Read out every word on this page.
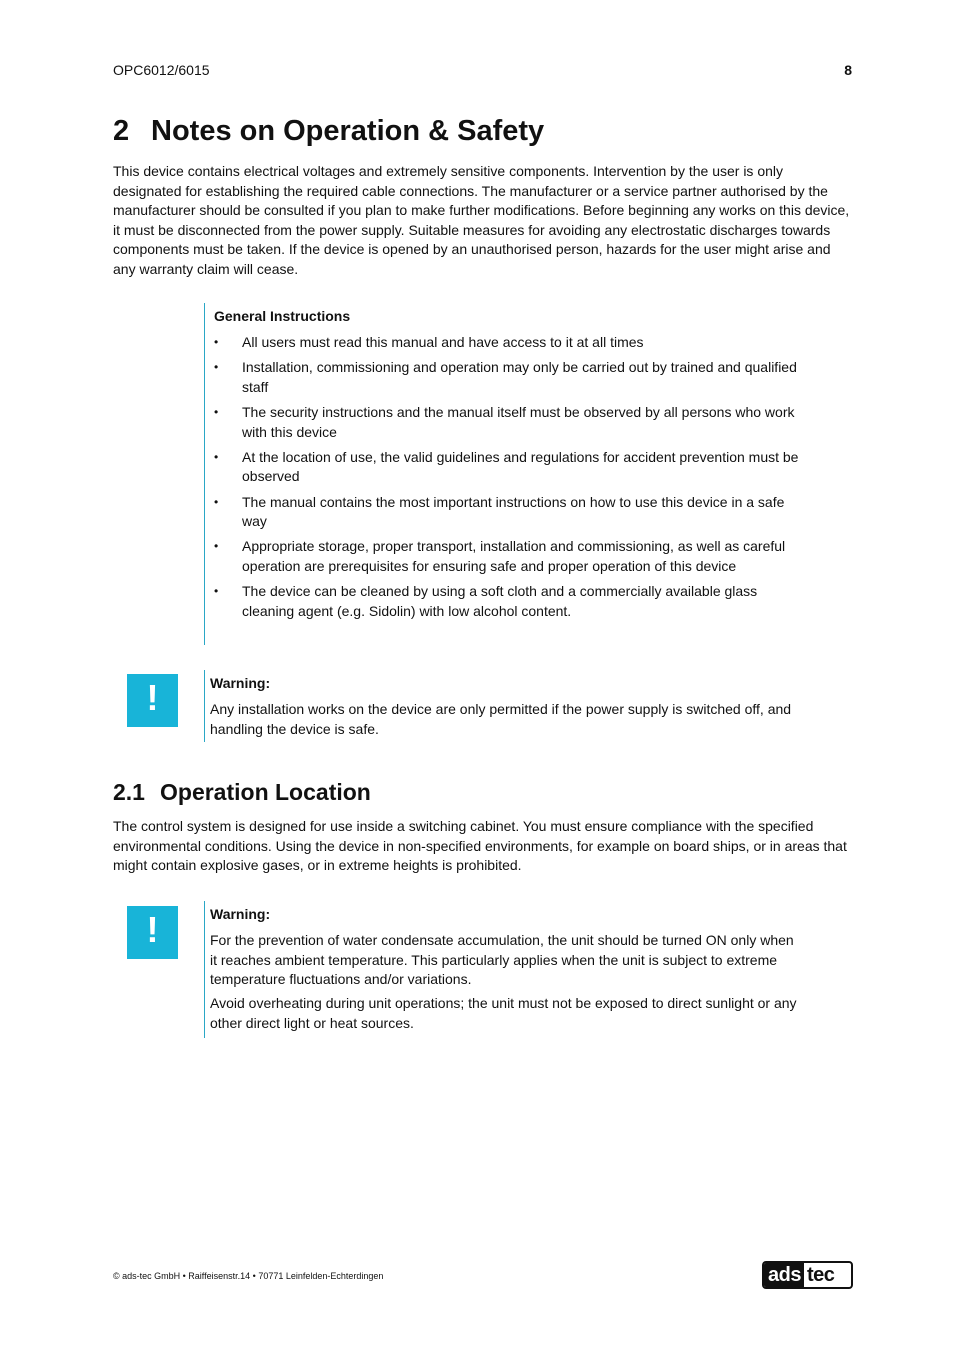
OPC6012/6015	8
2 Notes on Operation & Safety

This device contains electrical voltages and extremely sensitive components. Intervention by the user is only designated for establishing the required cable connections. The manufacturer or a service partner authorised by the manufacturer should be consulted if you plan to make further modifications. Before beginning any works on this device, it must be disconnected from the power supply. Suitable measures for avoiding any electrostatic discharges towards components must be taken. If the device is opened by an unauthorised person, hazards for the user might arise and any warranty claim will cease.

General Instructions
• All users must read this manual and have access to it at all times
• Installation, commissioning and operation may only be carried out by trained and qualified staff
• The security instructions and the manual itself must be observed by all persons who work with this device
• At the location of use, the valid guidelines and regulations for accident prevention must be observed
• The manual contains the most important instructions on how to use this device in a safe way
• Appropriate storage, proper transport, installation and commissioning, as well as careful operation are prerequisites for ensuring safe and proper operation of this device
• The device can be cleaned by using a soft cloth and a commercially available glass cleaning agent (e.g. Sidolin) with low alcohol content.
!	Warning:

Any installation works on the device are only permitted if the power supply is switched off, and handling the device is safe.

2.1 Operation Location

The control system is designed for use inside a switching cabinet. You must ensure compliance with the specified environmental conditions. Using the device in non-specified environments, for example on board ships, or in areas that might contain explosive gases, or in extreme heights is prohibited.

!	Warning:

For the prevention of water condensate accumulation, the unit should be turned ON only when it reaches ambient temperature. This particularly applies when the unit is subject to extreme temperature fluctuations and/or variations.

Avoid overheating during unit operations; the unit must not be exposed to direct sunlight or any other direct light or heat sources.

© ads-tec GmbH • Raiffeisenstr.14 • 70771 Leinfelden-Echterdingen	ads tec
